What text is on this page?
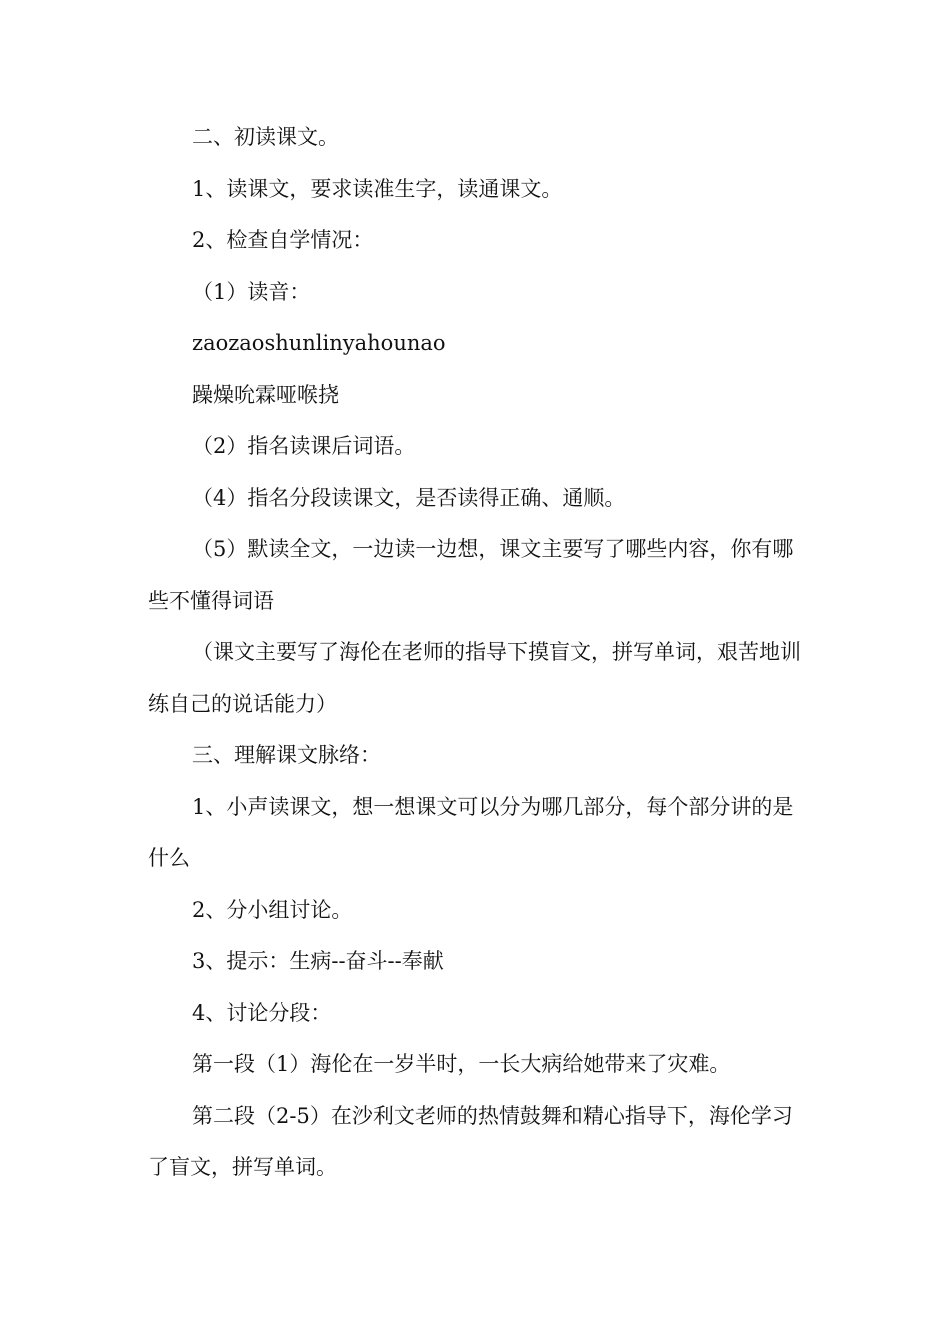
二、初读课文。

1、读课文，要求读准生字，读通课文。

2、检查自学情况：

（1）读音：

zaozaoshunlinyahounao

躁燥吮霖哑喉挠

（2）指名读课后词语。

（4）指名分段读课文，是否读得正确、通顺。

（5）默读全文，一边读一边想，课文主要写了哪些内容，你有哪些不懂得词语

（课文主要写了海伦在老师的指导下摸盲文，拼写单词，艰苦地训练自己的说话能力）

三、理解课文脉络：

1、小声读课文，想一想课文可以分为哪几部分，每个部分讲的是什么

2、分小组讨论。

3、提示：生病--奋斗--奉献

4、讨论分段：

第一段（1）海伦在一岁半时，一长大病给她带来了灾难。

第二段（2-5）在沙利文老师的热情鼓舞和精心指导下，海伦学习了盲文，拼写单词。
